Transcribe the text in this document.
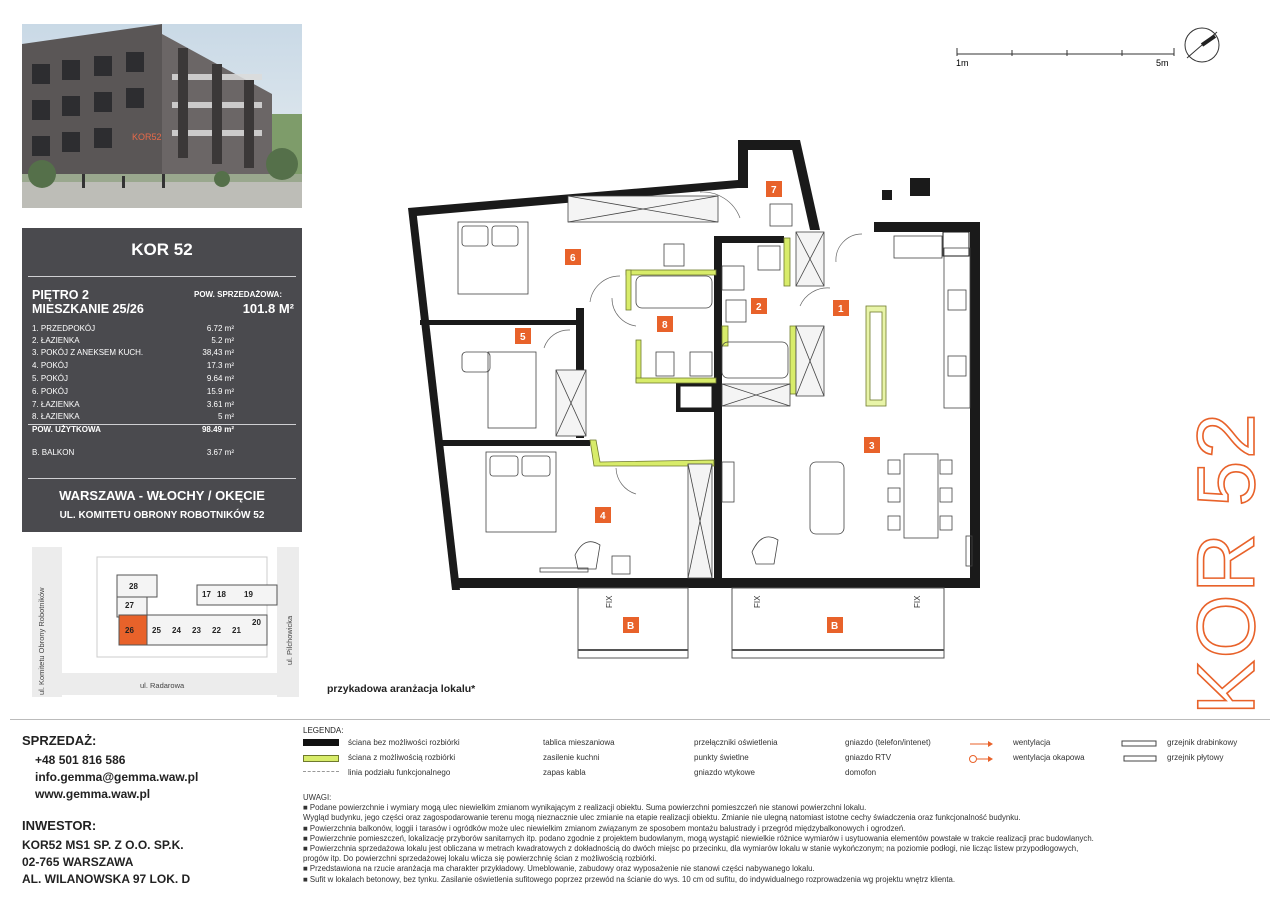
KOR52
KOR 52
PIĘTRO 2
MIESZKANIE 25/26
POW. SPRZEDAŻOWA:
101.8 M²
1. PRZEDPOKÓJ	6.72 m²
2. ŁAZIENKA	5.2 m²
3. POKÓJ Z ANEKSEM KUCH.	38,43 m²
4. POKÓJ	17.3 m²
5. POKÓJ	9.64 m²
6. POKÓJ	15.9 m²
7. ŁAZIENKA	3.61 m²
8. ŁAZIENKA	5 m²
POW. UŻYTKOWA	98.49 m²
B. BALKON	3.67 m²
WARSZAWA - WŁOCHY / OKĘCIE
UL. KOMITETU OBRONY ROBOTNIKÓW 52
28
27
26 25 24 23 22 21
20
19
18
17
ul. Komitetu Obrony Robotników	ul. Radarowa
ul. Pilchowicka
1m	5m
FIX	FIX	FIX
1
2
3
4
5
6
7
8
B	B	KOR 52
przykadowa aranżacja lokalu*
SPRZEDAŻ:
+48 501 816 586
info.gemma@gemma.waw.pl
www.gemma.waw.pl
INWESTOR:
KOR52 MS1 SP. Z O.O. SP.K.
02-765 WARSZAWA
AL. WILANOWSKA 97 LOK. D
LEGENDA:
ściana bez możliwości rozbiórki
ściana z możliwością rozbiórki
linia podziału funkcjonalnego
tablica mieszaniowa
zasilenie kuchni
zapas kabla
przełączniki oświetlenia
punkty świetlne
gniazdo wtykowe
gniazdo (telefon/intenet)
gniazdo RTV
domofon
wentylacja
wentylacja okapowa
grzejnik drabinkowy
grzejnik płytowy
UWAGI:
■ Podane powierzchnie i wymiary mogą ulec niewielkim zmianom wynikającym z realizacji obiektu. Suma powierzchni pomieszczeń nie stanowi powierzchni lokalu.
Wygląd budynku, jego części oraz zagospodarowanie terenu mogą nieznacznie ulec zmianie na etapie realizacji obiektu. Zmianie nie ulegną natomiast istotne cechy świadczenia oraz funkcjonalność budynku.
■ Powierzchnia balkonów, loggii i tarasów i ogródków może ulec niewielkim zmianom związanym ze sposobem montażu balustrady i przegród międzybalkonowych i ogrodzeń.
■ Powierzchnie pomieszczeń, lokalizację przyborów sanitarnych itp. podano zgodnie z projektem budowlanym, mogą wystąpić niewielkie różnice wymiarów i usytuowania elementów powstałe w trakcie realizacji prac budowlanych.
■ Powierzchnia sprzedażowa lokalu jest obliczana w metrach kwadratowych z dokładnością do dwóch miejsc po przecinku, dla wymiarów lokalu w stanie wykończonym; na poziomie podłogi, nie licząc listew przypodłogowych,
progów itp. Do powierzchni sprzedażowej lokalu wlicza się powierzchnię ścian z możliwością rozbiórki.
■ Przedstawiona na rzucie aranżacja ma charakter przykładowy. Umeblowanie, zabudowy oraz wyposażenie nie stanowi części nabywanego lokalu.
■ Sufit w lokalach betonowy, bez tynku. Zasilanie oświetlenia sufitowego poprzez przewód na ścianie do wys. 10 cm od sufitu, do indywidualnego rozprowadzenia wg projektu wnętrz klienta.
